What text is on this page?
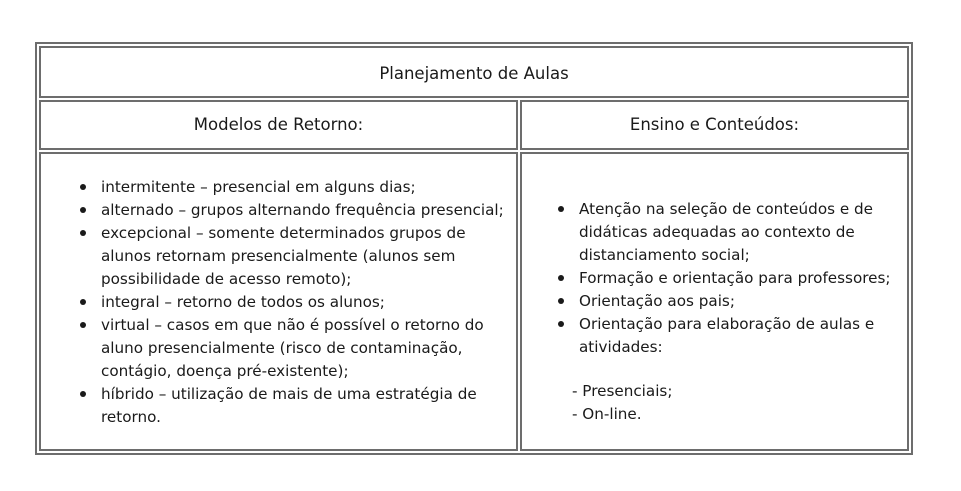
Planejamento de Aulas
Modelos de Retorno:	Ensino e Conteúdos:
intermitente – presencial em alguns dias;
alternado – grupos alternando frequência presencial;
excepcional – somente determinados grupos de alunos retornam presencialmente (alunos sem possibilidade de acesso remoto);
integral – retorno de todos os alunos;
virtual – casos em que não é possível o retorno do aluno presencialmente (risco de contaminação, contágio, doença pré-existente);
híbrido – utilização de mais de uma estratégia de retorno.
Atenção na seleção de conteúdos e de didáticas adequadas ao contexto de distanciamento social;
Formação e orientação para professores;
Orientação aos pais;
Orientação para elaboração de aulas e atividades:
- Presenciais;
- On-line.
